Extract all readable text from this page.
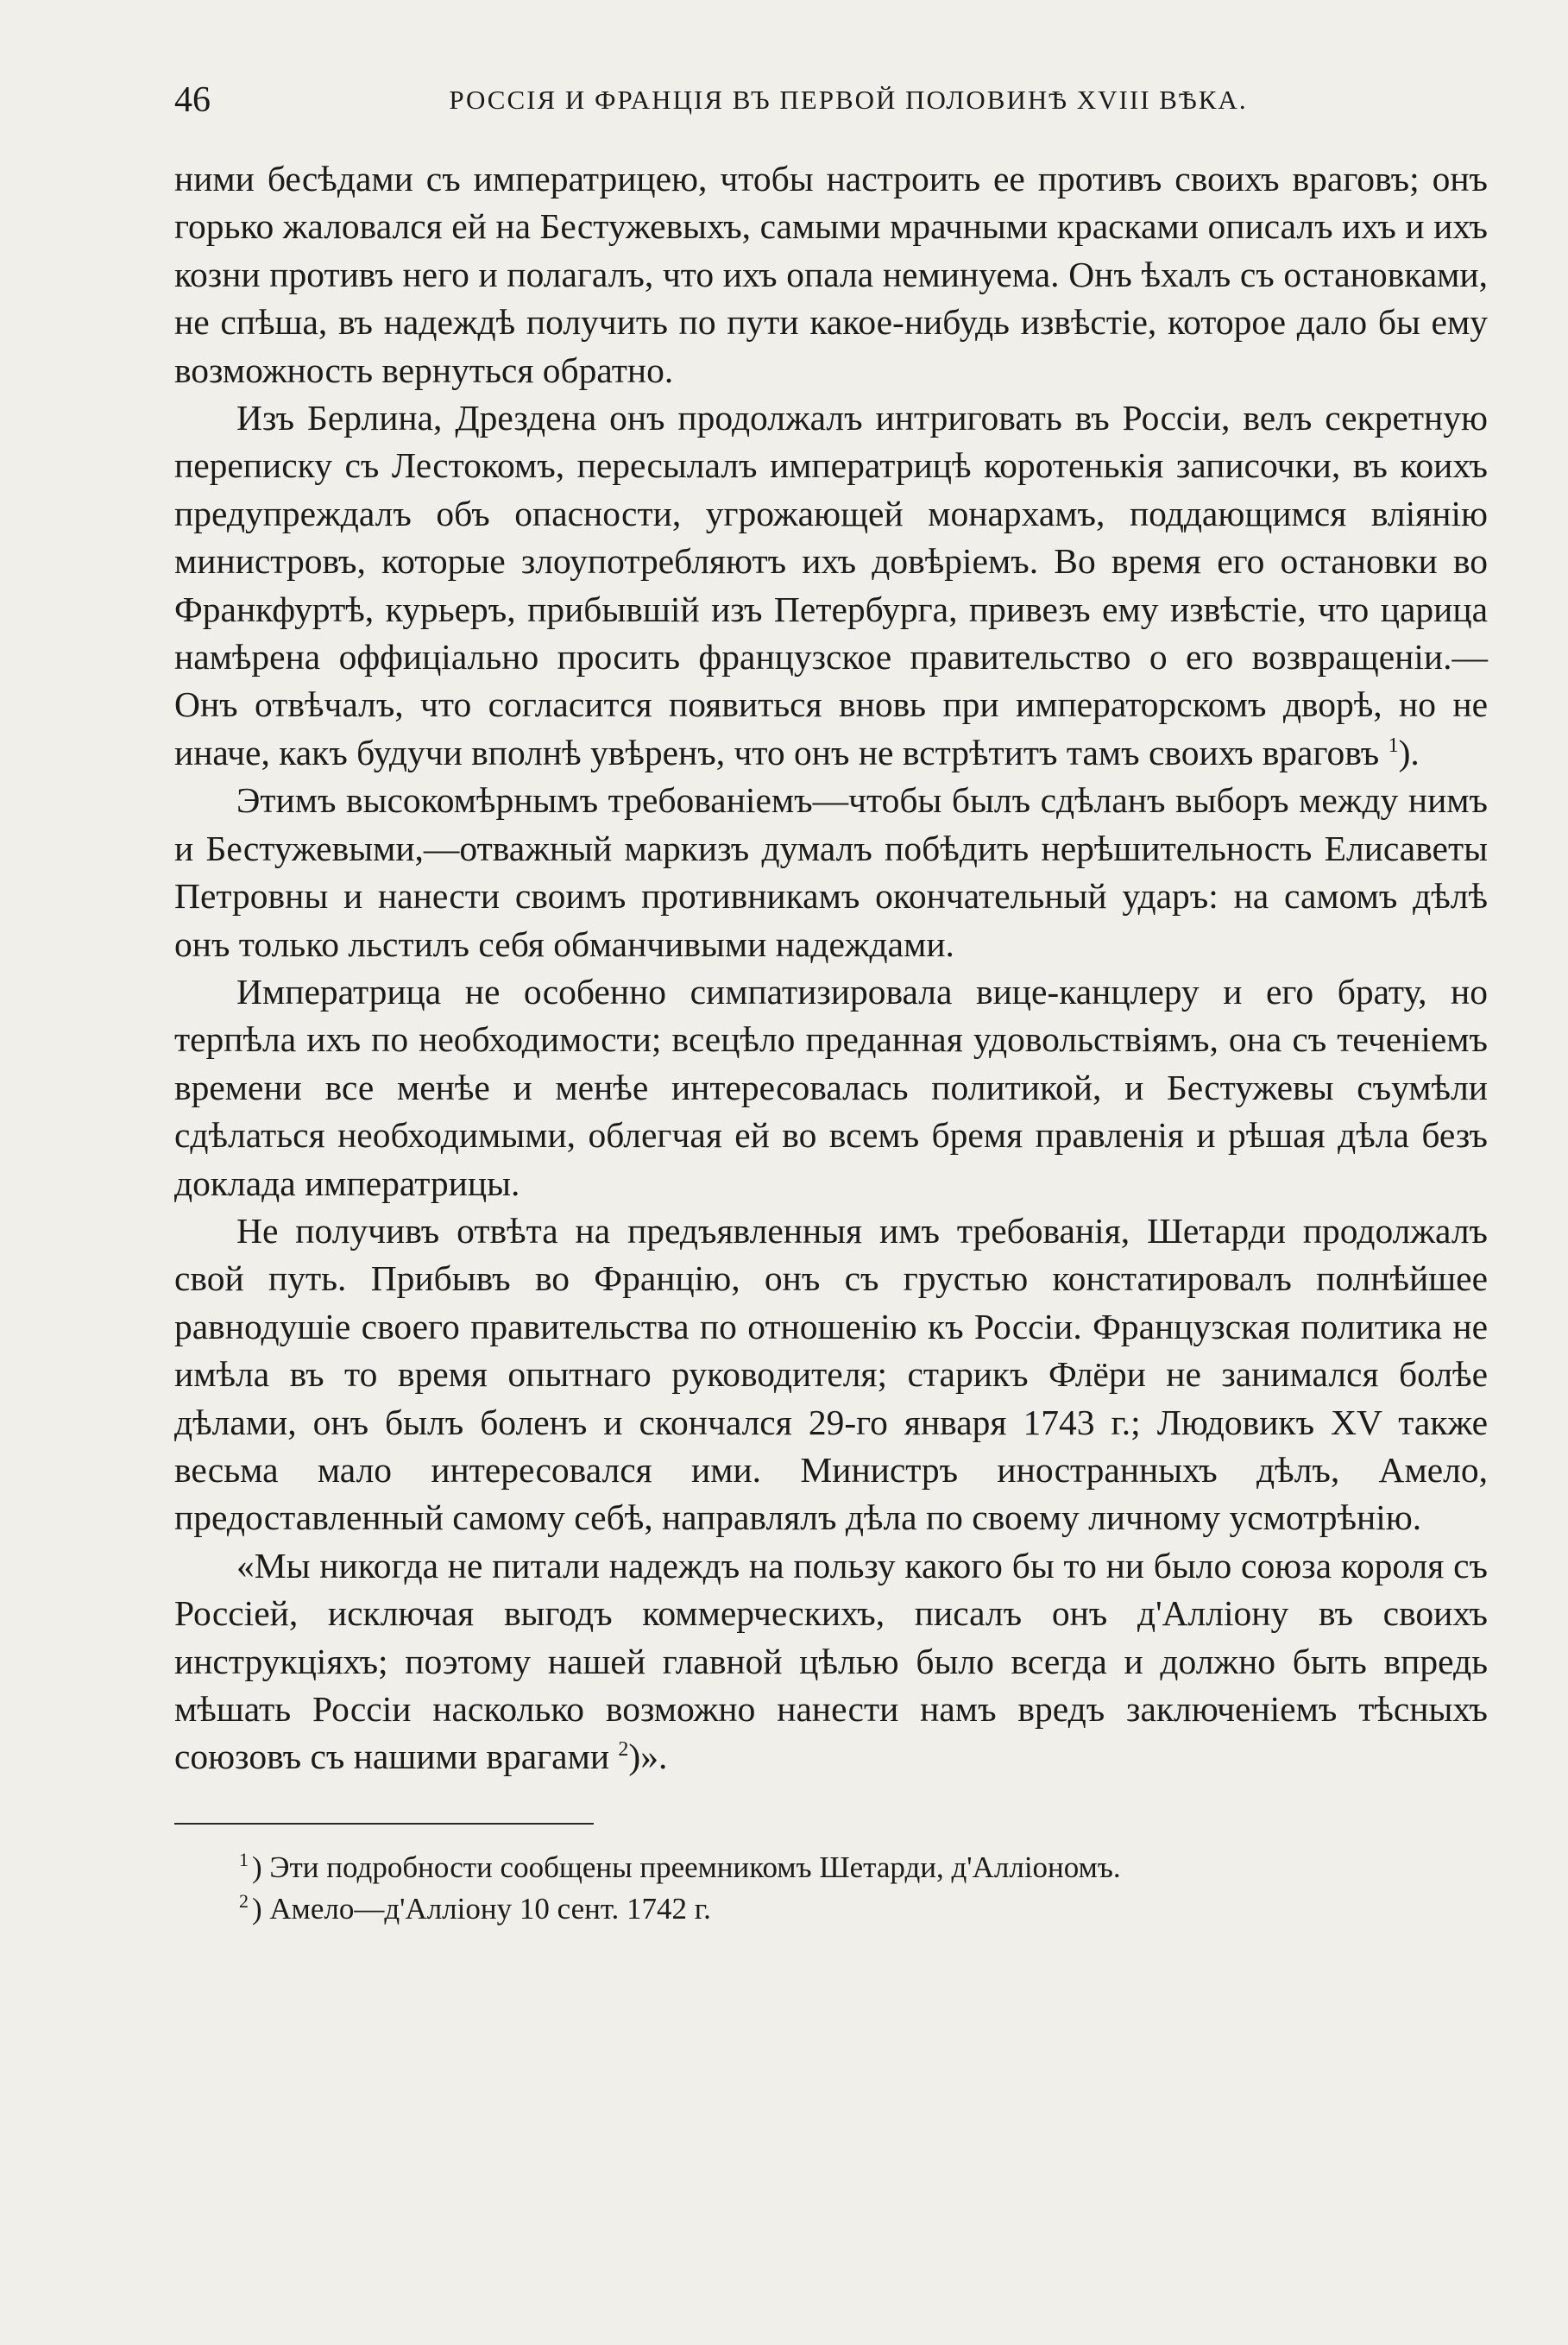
46	РОССІЯ И ФРАНЦІЯ ВЪ ПЕРВОЙ ПОЛОВИНѢ XVIII ВѢКА.

ними бесѣдами съ императрицею, чтобы настроить ее противъ своихъ враговъ; онъ горько жаловался ей на Бестужевыхъ, самыми мрачными красками описалъ ихъ и ихъ козни противъ него и полагалъ, что ихъ опала неминуема. Онъ ѣхалъ съ остановками, не спѣша, въ надеждѣ получить по пути какое-нибудь извѣстіе, которое дало бы ему возможность вернуться обратно.

Изъ Берлина, Дрездена онъ продолжалъ интриговать въ Россіи, велъ секретную переписку съ Лестокомъ, пересылалъ императрицѣ коротенькія записочки, въ коихъ предупреждалъ объ опасности, угрожающей монархамъ, поддающимся вліянію министровъ, которые злоупотребляютъ ихъ довѣріемъ. Во время его остановки во Франкфуртѣ, курьеръ, прибывшій изъ Петербурга, привезъ ему извѣстіе, что царица намѣрена оффиціально просить французское правительство о его возвращеніи.— Онъ отвѣчалъ, что согласится появиться вновь при императорскомъ дворѣ, но не иначе, какъ будучи вполнѣ увѣренъ, что онъ не встрѣтитъ тамъ своихъ враговъ $^1$).

Этимъ высокомѣрнымъ требованіемъ—чтобы былъ сдѣланъ выборъ между нимъ и Бестужевыми,—отважный маркизъ думалъ побѣдить нерѣшительность Елисаветы Петровны и нанести своимъ противникамъ окончательный ударъ: на самомъ дѣлѣ онъ только льстилъ себя обманчивыми надеждами.

Императрица не особенно симпатизировала вице-канцлеру и его брату, но терпѣла ихъ по необходимости; всецѣло преданная удовольствіямъ, она съ теченіемъ времени все менѣе и менѣе интересовалась политикой, и Бестужевы съумѣли сдѣлаться необходимыми, облегчая ей во всемъ бремя правленія и рѣшая дѣла безъ доклада императрицы.

Не получивъ отвѣта на предъявленныя имъ требованія, Шетарди продолжалъ свой путь. Прибывъ во Францію, онъ съ грустью констатировалъ полнѣйшее равнодушіе своего правительства по отношенію къ Россіи. Французская политика не имѣла въ то время опытнаго руководителя; старикъ Флёри не занимался болѣе дѣлами, онъ былъ боленъ и скончался 29-го января 1743 г.; Людовикъ XV также весьма мало интересовался ими. Министръ иностранныхъ дѣлъ, Амело, предоставленный самому себѣ, направлялъ дѣла по своему личному усмотрѣнію.

«Мы никогда не питали надеждъ на пользу какого бы то ни было союза короля съ Россіей, исключая выгодъ коммерческихъ, писалъ онъ д'Аллiону въ своихъ инструкціяхъ; поэтому нашей главной цѣлью было всегда и должно быть впредь мѣшать Россіи насколько возможно нанести намъ вредъ заключеніемъ тѣсныхъ союзовъ съ нашими врагами $^2$)».

$^1$ ) Эти подробности сообщены преемникомъ Шетарди, д'Алліономъ.
$^2$ ) Амело—д'Аллiону 10 сент. 1742 г.
